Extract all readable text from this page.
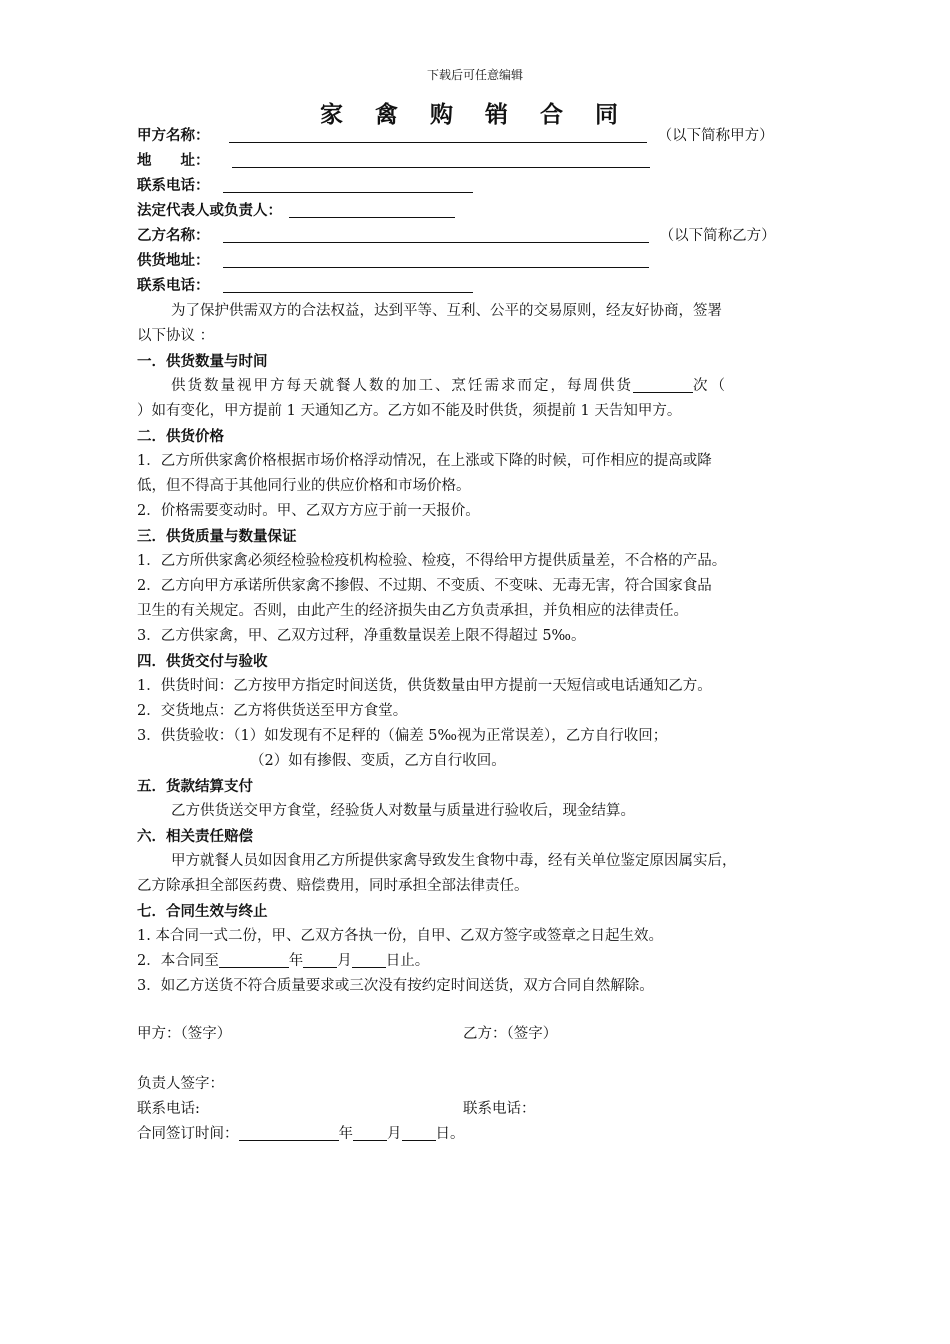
下载后可任意编辑
家 禽 购 销 合 同
甲方名称：	（以下简称甲方）
地　　址：
联系电话：
法定代表人或负责人：
乙方名称：	（以下简称乙方）
供货地址：
联系电话：
为了保护供需双方的合法权益，达到平等、互利、公平的交易原则，经友好协商，签署
以下协议 ：
一．供货数量与时间
供货数量视甲方每天就餐人数的加工、烹饪需求而定，每周供货	次（
）如有变化，甲方提前 1 天通知乙方。乙方如不能及时供货，须提前 1 天告知甲方。
二．供货价格
1．乙方所供家禽价格根据市场价格浮动情况，在上涨或下降的时候，可作相应的提高或降
低，但不得高于其他同行业的供应价格和市场价格。
2．价格需要变动时。甲、乙双方方应于前一天报价。
三．供货质量与数量保证
1．乙方所供家禽必须经检验检疫机构检验、检疫，不得给甲方提供质量差，不合格的产品。
2．乙方向甲方承诺所供家禽不掺假、不过期、不变质、不变味、无毒无害，符合国家食品
卫生的有关规定。否则，由此产生的经济损失由乙方负责承担，并负相应的法律责任。
3．乙方供家禽，甲、乙双方过秤，净重数量误差上限不得超过 5‰。
四．供货交付与验收
1．供货时间：乙方按甲方指定时间送货，供货数量由甲方提前一天短信或电话通知乙方。
2．交货地点：乙方将供货送至甲方食堂。
3．供货验收：（1）如发现有不足秤的（偏差 5‰视为正常误差），乙方自行收回；
（2）如有掺假、变质，乙方自行收回。
五．货款结算支付
乙方供货送交甲方食堂，经验货人对数量与质量进行验收后，现金结算。
六．相关责任赔偿
甲方就餐人员如因食用乙方所提供家禽导致发生食物中毒，经有关单位鉴定原因属实后，
乙方除承担全部医药费、赔偿费用，同时承担全部法律责任。
七．合同生效与终止
1. 本合同一式二份，甲、乙双方各执一份，自甲、乙双方签字或签章之日起生效。
2．本合同至	年 月 日止。
3．如乙方送货不符合质量要求或三次没有按约定时间送货，双方合同自然解除。
甲方：（签字）	乙方：（签字）
负责人签字：
联系电话:	联系电话：
合同签订时间：	年 月 日。
